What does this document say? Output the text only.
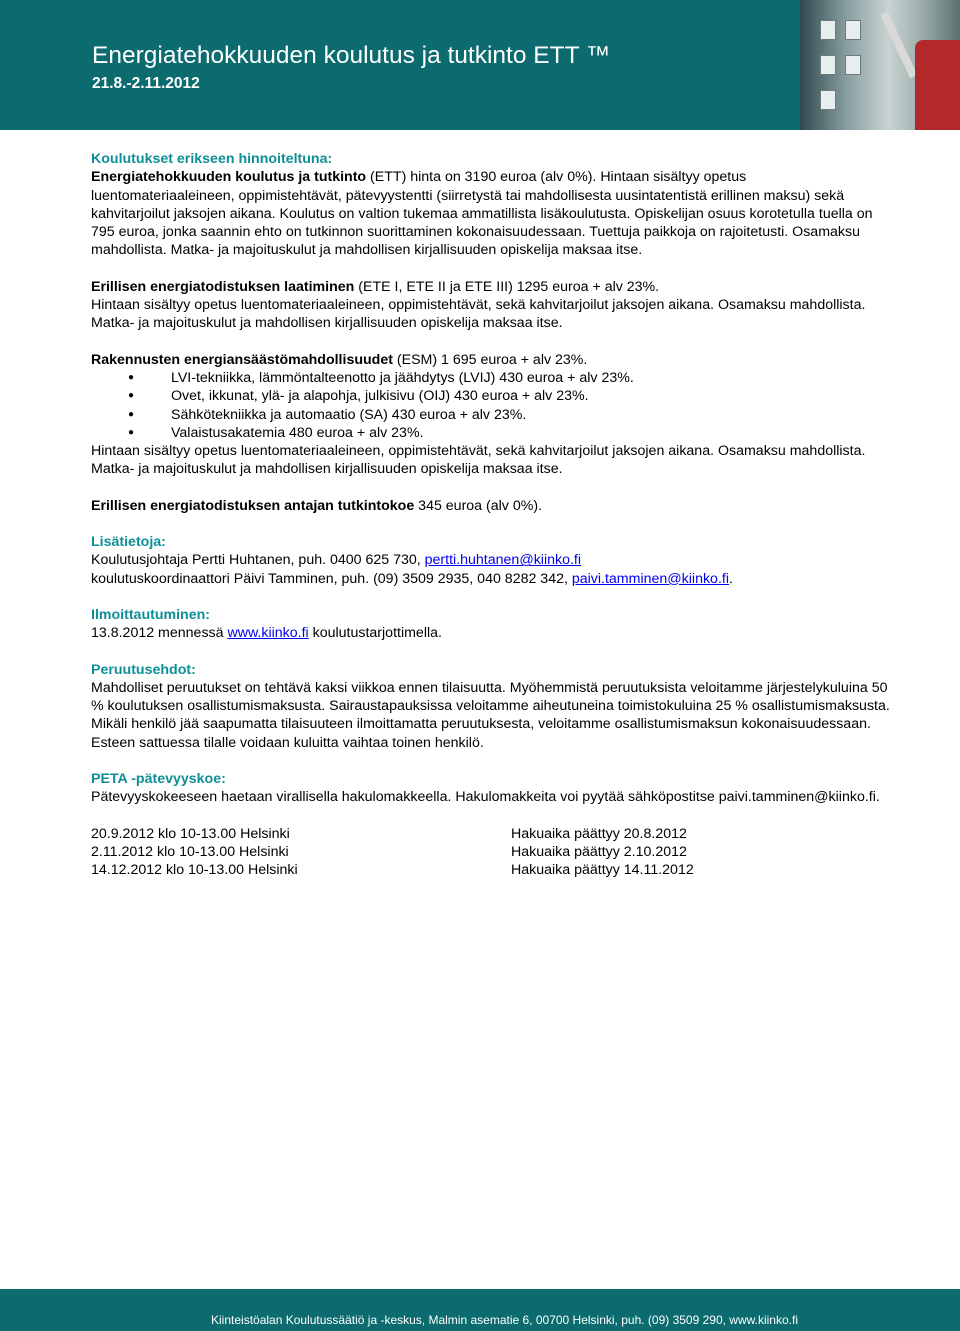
Energiatehokkuuden koulutus ja tutkinto ETT ™

21.8.-2.11.2012

Koulutukset erikseen hinnoiteltuna:

Energiatehokkuuden koulutus ja tutkinto (ETT) hinta on 3190 euroa (alv 0%). Hintaan sisältyy opetus luentomateriaaleineen, oppimistehtävät, pätevyystentti (siirretystä tai mahdollisesta uusintatentistä erillinen maksu) sekä kahvitarjoilut jaksojen aikana. Koulutus on valtion tukemaa ammatillista lisäkoulutusta. Opiskelijan osuus korotetulla tuella on 795 euroa, jonka saannin ehto on tutkinnon suorittaminen kokonaisuudessaan. Tuettuja paikkoja on rajoitetusti. Osamaksu mahdollista. Matka- ja majoituskulut ja mahdollisen kirjallisuuden opiskelija maksaa itse.

Erillisen energiatodistuksen laatiminen (ETE I, ETE II ja ETE III) 1295 euroa + alv 23%.

Hintaan sisältyy opetus luentomateriaaleineen, oppimistehtävät, sekä kahvitarjoilut jaksojen aikana. Osamaksu mahdollista. Matka- ja majoituskulut ja mahdollisen kirjallisuuden opiskelija maksaa itse.

Rakennusten energiansäästömahdollisuudet (ESM) 1 695 euroa + alv 23%.

●	LVI-tekniikka, lämmöntalteenotto ja jäähdytys (LVIJ) 430 euroa + alv 23%.
●	Ovet, ikkunat, ylä- ja alapohja, julkisivu (OIJ) 430 euroa + alv 23%.
●	Sähkötekniikka ja automaatio (SA) 430 euroa + alv 23%.
●	Valaistusakatemia 480 euroa + alv 23%.

Hintaan sisältyy opetus luentomateriaaleineen, oppimistehtävät, sekä kahvitarjoilut jaksojen aikana. Osamaksu mahdollista. Matka- ja majoituskulut ja mahdollisen kirjallisuuden opiskelija maksaa itse.

Erillisen energiatodistuksen antajan tutkintokoe 345 euroa (alv 0%).

Lisätietoja:

Koulutusjohtaja Pertti Huhtanen, puh. 0400 625 730, pertti.huhtanen@kiinko.fi

koulutuskoordinaattori Päivi Tamminen, puh. (09) 3509 2935, 040 8282 342, paivi.tamminen@kiinko.fi.

Ilmoittautuminen:

13.8.2012 mennessä www.kiinko.fi koulutustarjottimella.

Peruutusehdot:

Mahdolliset peruutukset on tehtävä kaksi viikkoa ennen tilaisuutta. Myöhemmistä peruutuksista veloitamme järjestelykuluina 50 % koulutuksen osallistumismaksusta. Sairaustapauksissa veloitamme aiheutuneina toimistokuluina 25 % osallistumismaksusta. Mikäli henkilö jää saapumatta tilaisuuteen ilmoittamatta peruutuksesta, veloitamme osallistumismaksun kokonaisuudessaan. Esteen sattuessa tilalle voidaan kuluitta vaihtaa toinen henkilö.

PETA -pätevyyskoe:

Pätevyyskokeeseen haetaan virallisella hakulomakkeella. Hakulomakkeita voi pyytää sähköpostitse paivi.tamminen@kiinko.fi.

20.9.2012 klo 10-13.00 Helsinki	Hakuaika päättyy 20.8.2012
2.11.2012 klo 10-13.00 Helsinki	Hakuaika päättyy 2.10.2012
14.12.2012 klo 10-13.00 Helsinki	Hakuaika päättyy 14.11.2012
Kiinteistöalan Koulutussäätiö ja -keskus, Malmin asematie 6, 00700 Helsinki, puh. (09) 3509 290, www.kiinko.fi
